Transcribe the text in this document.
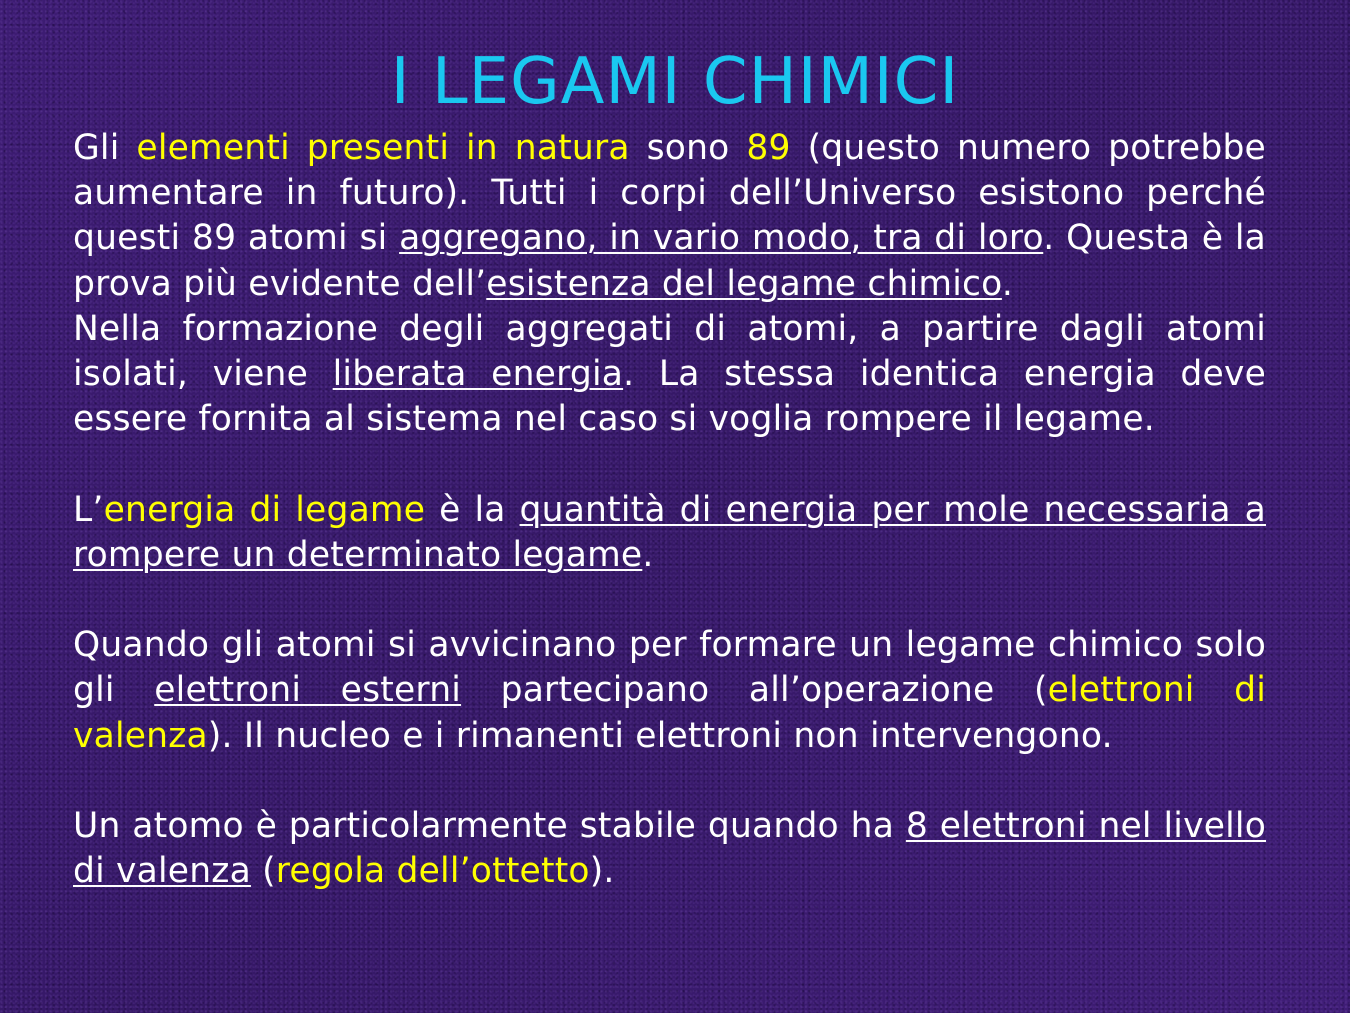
I LEGAMI CHIMICI

Gli elementi presenti in natura sono 89 (questo numero potrebbe aumentare in futuro). Tutti i corpi dell’Universo esistono perché questi 89 atomi si aggregano, in vario modo, tra di loro. Questa è la prova più evidente dell’esistenza del legame chimico.

Nella formazione degli aggregati di atomi, a partire dagli atomi isolati, viene liberata energia. La stessa identica energia deve essere fornita al sistema nel caso si voglia rompere il legame.

L’energia di legame è la quantità di energia per mole necessaria a rompere un determinato legame.

Quando gli atomi si avvicinano per formare un legame chimico solo gli elettroni esterni partecipano all’operazione (elettroni di valenza). Il nucleo e i rimanenti elettroni non intervengono.

Un atomo è particolarmente stabile quando ha 8 elettroni nel livello di valenza (regola dell’ottetto).
